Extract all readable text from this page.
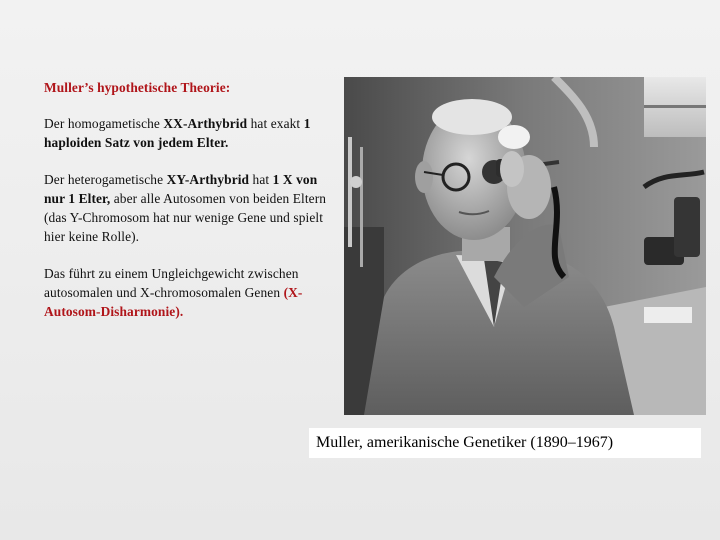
Muller’s hypothetische Theorie:
Der homogametische XX-Arthybrid hat exakt 1 haploiden Satz von jedem Elter.
Der heterogametische XY-Arthybrid hat 1 X von nur 1 Elter, aber alle Autosomen von beiden Eltern (das Y-Chromosom hat nur wenige Gene und spielt hier keine Rolle).
Das führt zu einem Ungleichgewicht zwischen autosomalen und X-chromosomalen Genen (X-Autosom-Disharmonie).
Muller, amerikanische Genetiker (1890–1967)
